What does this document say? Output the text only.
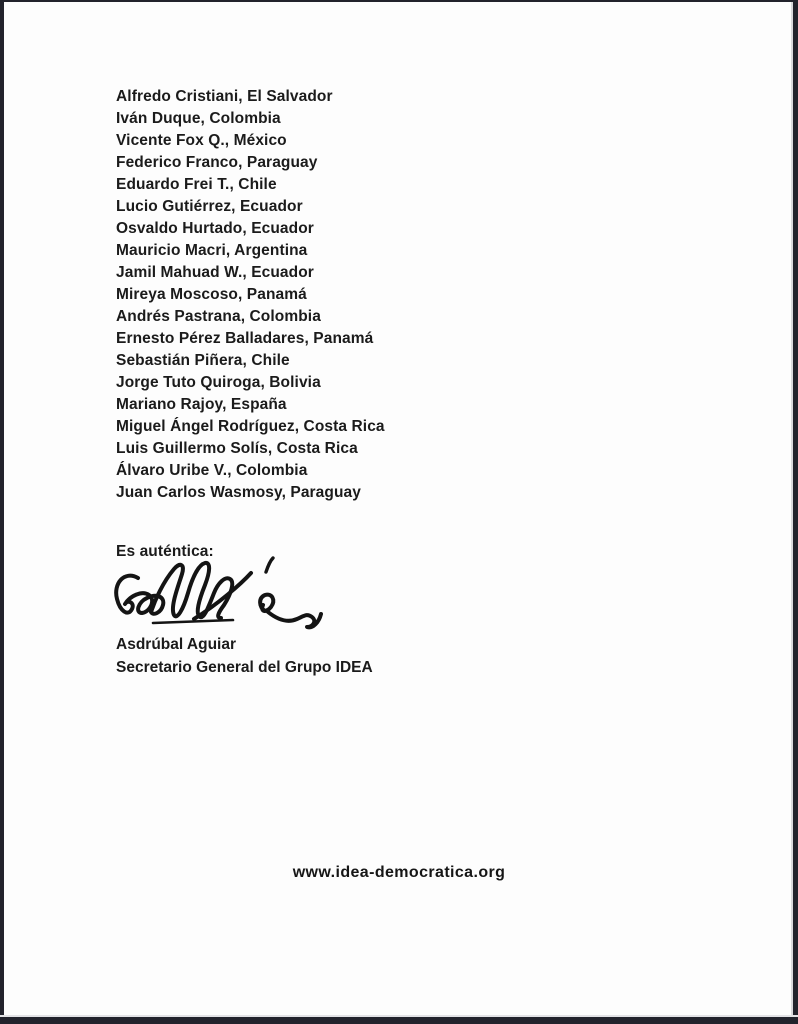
Alfredo Cristiani, El Salvador
Iván Duque, Colombia
Vicente Fox Q., México
Federico Franco, Paraguay
Eduardo Frei T., Chile
Lucio Gutiérrez, Ecuador
Osvaldo Hurtado, Ecuador
Mauricio Macri, Argentina
Jamil Mahuad W., Ecuador
Mireya Moscoso, Panamá
Andrés Pastrana, Colombia
Ernesto Pérez Balladares, Panamá
Sebastián Piñera, Chile
Jorge Tuto Quiroga, Bolivia
Mariano Rajoy, España
Miguel Ángel Rodríguez, Costa Rica
Luis Guillermo Solís, Costa Rica
Álvaro Uribe V., Colombia
Juan Carlos Wasmosy, Paraguay
Es auténtica:
Asdrúbal Aguiar
Secretario General del Grupo IDEA
www.idea-democratica.org
